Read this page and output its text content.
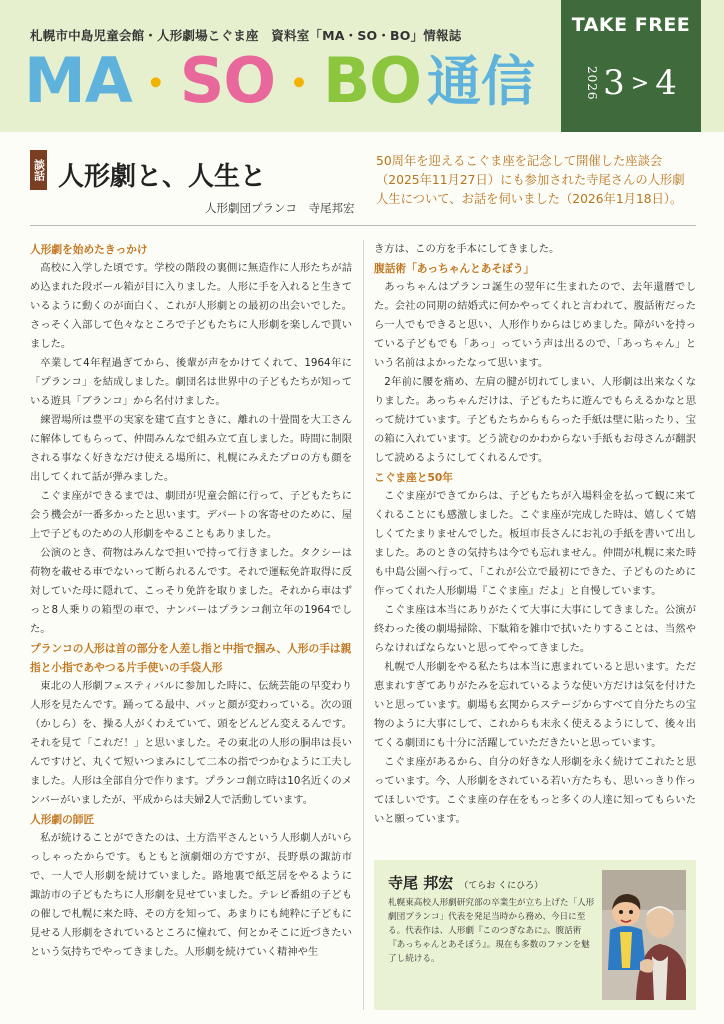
札幌市中島児童会館・人形劇場こぐま座　資料室「MA・SO・BO」情報誌
MA ・ SO ・ BO 通信
TAKE FREE
2026 3 > 4
談話 人形劇と、人生と
人形劇団プランコ　寺尾邦宏
50周年を迎えるこぐま座を記念して開催した座談会（2025年11月27日）にも参加された寺尾さんの人形劇人生について、お話を伺いました（2026年1月18日）。
人形劇を始めたきっかけ

高校に入学した頃です。学校の階段の裏側に無造作に人形たちが詰め込まれた段ボール箱が目に入りました。人形に手を入れると生きているように動くのが面白く、これが人形劇との最初の出会いでした。さっそく入部して色々なところで子どもたちに人形劇を楽しんで貰いました。

卒業して4年程過ぎてから、後輩が声をかけてくれて、1964年に「プランコ」を結成しました。劇団名は世界中の子どもたちが知っている遊具「ブランコ」から名付けました。

練習場所は豊平の実家を建て直すときに、離れの十畳間を大工さんに解体してもらって、仲間みんなで組み立て直しました。時間に制限される事なく好きなだけ使える場所に、札幌にみえたプロの方も顔を出してくれて話が弾みました。

こぐま座ができるまでは、劇団が児童会館に行って、子どもたちに会う機会が一番多かったと思います。デパートの客寄せのために、屋上で子どものための人形劇をやることもありました。

公演のとき、荷物はみんなで担いで持って行きました。タクシーは荷物を載せる車でないって断られるんです。それで運転免許取得に反対していた母に隠れて、こっそり免許を取りました。それから車はずっと8人乗りの箱型の車で、ナンバーはプランコ創立年の1964でした。

プランコの人形は首の部分を人差し指と中指で掴み、人形の手は親指と小指であやつる片手使いの手袋人形

東北の人形劇フェスティバルに参加した時に、伝統芸能の早変わり人形を見たんです。踊ってる最中、パッと顔が変わっている。次の頭（かしら）を、操る人がくわえていて、頭をどんどん変えるんです。それを見て「これだ！」と思いました。その東北の人形の胴串は長いんですけど、丸くて短いつまみにして二本の指でつかむように工夫しました。人形は全部自分で作ります。プランコ創立時は10名近くのメンバーがいましたが、平成からは夫婦2人で活動しています。

人形劇の師匠

私が続けることができたのは、土方浩平さんという人形劇人がいらっしゃったからです。もともと演劇畑の方ですが、長野県の諏訪市で、一人で人形劇を続けていました。路地裏で紙芝居をやるように 諏訪市の子どもたちに人形劇を見せていました。テレビ番組の子どもの催しで札幌に来た時、その方を知って、あまりにも純粋に子どもに見せる人形劇をされているところに憧れて、何とかそこに近づきたいという気持ちでやってきました。人形劇を続けていく精神や生

き方は、この方を手本にしてきました。

腹話術「あっちゃんとあそぼう」

あっちゃんはプランコ誕生の翌年に生まれたので、去年還暦でした。会社の同期の結婚式に何かやってくれと言われて、腹話術だったら一人でもできると思い、人形作りからはじめました。障がいを持っている子どもでも「あっ」っていう声は出るので、「あっちゃん」という名前はよかったなって思います。

2年前に腰を痛め、左肩の腱が切れてしまい、人形劇は出来なくなりました。あっちゃんだけは、子どもたちに遊んでもらえるかなと思って続けています。子どもたちからもらった手紙は壁に貼ったり、宝の箱に入れています。どう読むのかわからない手紙もお母さんが翻訳して読めるようにしてくれるんです。

こぐま座と50年

こぐま座ができてからは、子どもたちが入場料金を払って観に来てくれることにも感激しました。こぐま座が完成した時は、嬉しくて嬉しくてたまりませんでした。板垣市長さんにお礼の手紙を書いて出しました。あのときの気持ちは今でも忘れません。仲間が札幌に来た時も中島公園へ行って、「これが公立で最初にできた、子どものために作ってくれた人形劇場『こぐま座』だよ」と自慢しています。

こぐま座は本当にありがたくて大事に大事にしてきました。公演が終わった後の劇場掃除、下駄箱を雑巾で拭いたりすることは、当然やらなければならないと思ってやってきました。

札幌で人形劇をやる私たちは本当に恵まれていると思います。ただ恵まれすぎてありがたみを忘れているような使い方だけは気を付けたいと思っています。劇場も玄関からステージからすべて自分たちの宝物のように大事にして、これからも末永く使えるようにして、後々出てくる劇団にも十分に活躍していただきたいと思っています。

こぐま座があるから、自分の好きな人形劇を永く続けてこれたと思っています。今、人形劇をされている若い方たちも、思いっきり作ってほしいです。こぐま座の存在をもっと多くの人達に知ってもらいたいと願っています。

寺尾 邦宏 （てらお くにひろ）
札幌東高校人形劇研究部の卒業生が立ち上げた「人形劇団プランコ」代表を発足当時から務め、今日に至る。代表作は、人形劇『このつぎなあに』、腹話術『あっちゃんとあそぼう』。現在も多数のファンを魅了し続ける。
